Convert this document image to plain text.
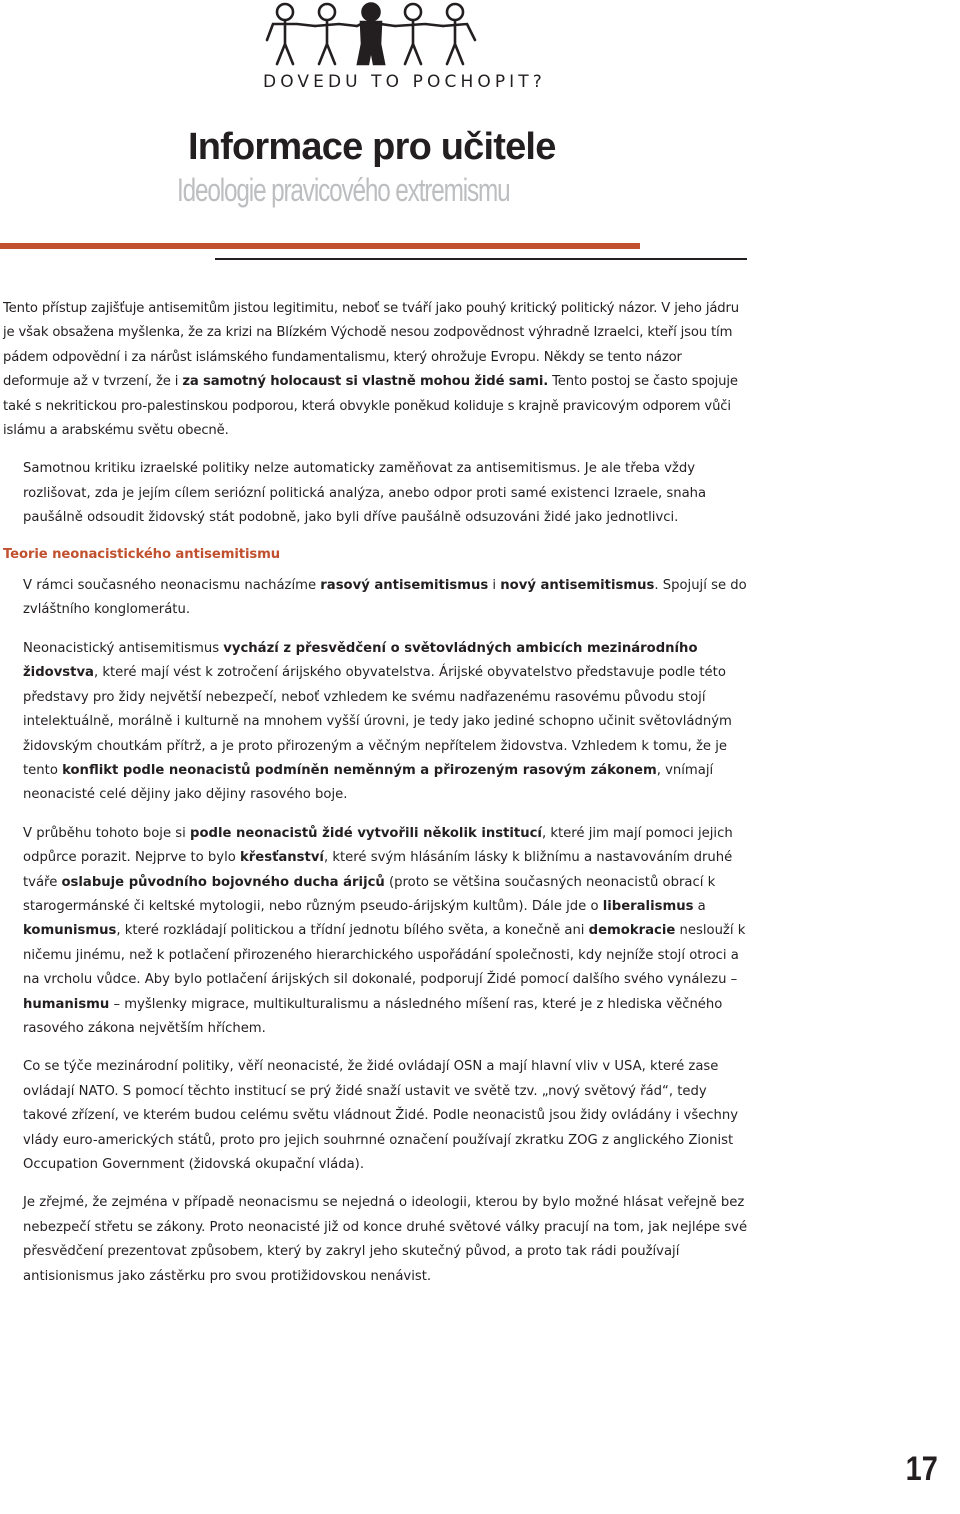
DOVEDU TO POCHOPIT?
Informace pro učitele
Ideologie pravicového extremismu

Tento přístup zajišťuje antisemitům jistou legitimitu, neboť se tváří jako pouhý kritický politický názor. V jeho jádru je však obsažena myšlenka, že za krizi na Blízkém Východě nesou zodpovědnost výhradně Izraelci, kteří jsou tím pádem odpovědní i za nárůst islámského fundamentalismu, který ohrožuje Evropu. Někdy se tento názor deformuje až v tvrzení, že i za samotný holocaust si vlastně mohou židé sami. Tento postoj se často spojuje také s nekritickou pro-palestinskou podporou, která obvykle poněkud koliduje s krajně pravicovým odporem vůči islámu a arabskému světu obecně.

Samotnou kritiku izraelské politiky nelze automaticky zaměňovat za antisemitismus. Je ale třeba vždy rozlišovat, zda je jejím cílem seriózní politická analýza, anebo odpor proti samé existenci Izraele, snaha paušálně odsoudit židovský stát podobně, jako byli dříve paušálně odsuzováni židé jako jednotlivci.

Teorie neonacistického antisemitismu

V rámci současného neonacismu nacházíme rasový antisemitismus i nový antisemitismus. Spojují se do zvláštního konglomerátu.

Neonacistický antisemitismus vychází z přesvědčení o světovládných ambicích mezinárodního židovstva, které mají vést k zotročení árijského obyvatelstva. Árijské obyvatelstvo představuje podle této představy pro židy největší nebezpečí, neboť vzhledem ke svému nadřazenému rasovému původu stojí intelektuálně, morálně i kulturně na mnohem vyšší úrovni, je tedy jako jediné schopno učinit světovládným židovským choutkám přítrž, a je proto přirozeným a věčným nepřítelem židovstva. Vzhledem k tomu, že je tento konflikt podle neonacistů podmíněn neměnným a přirozeným rasovým zákonem, vnímají neonacisté celé dějiny jako dějiny rasového boje.

V průběhu tohoto boje si podle neonacistů židé vytvořili několik institucí, které jim mají pomoci jejich odpůrce porazit. Nejprve to bylo křesťanství, které svým hlásáním lásky k bližnímu a nastavováním druhé tváře oslabuje původního bojovného ducha árijců (proto se většina současných neonacistů obrací k starogermánské či keltské mytologii, nebo různým pseudo-árijským kultům). Dále jde o liberalismus a komunismus, které rozkládají politickou a třídní jednotu bílého světa, a konečně ani demokracie neslouží k ničemu jinému, než k potlačení přirozeného hierarchického uspořádání společnosti, kdy nejníže stojí otroci a na vrcholu vůdce. Aby bylo potlačení árijských sil dokonalé, podporují Židé pomocí dalšího svého vynálezu – humanismu – myšlenky migrace, multikulturalismu a následného míšení ras, které je z hlediska věčného rasového zákona největším hříchem.

Co se týče mezinárodní politiky, věří neonacisté, že židé ovládají OSN a mají hlavní vliv v USA, které zase ovládají NATO. S pomocí těchto institucí se prý židé snaží ustavit ve světě tzv. „nový světový řád“, tedy takové zřízení, ve kterém budou celému světu vládnout Židé. Podle neonacistů jsou židy ovládány i všechny vlády euro-amerických států, proto pro jejich souhrnné označení používají zkratku ZOG z anglického Zionist Occupation Government (židovská okupační vláda).

Je zřejmé, že zejména v případě neonacismu se nejedná o ideologii, kterou by bylo možné hlásat veřejně bez nebezpečí střetu se zákony. Proto neonacisté již od konce druhé světové války pracují na tom, jak nejlépe své přesvědčení prezentovat způsobem, který by zakryl jeho skutečný původ, a proto tak rádi používají antisionismus jako zástěrku pro svou protižidovskou nenávist.

17
